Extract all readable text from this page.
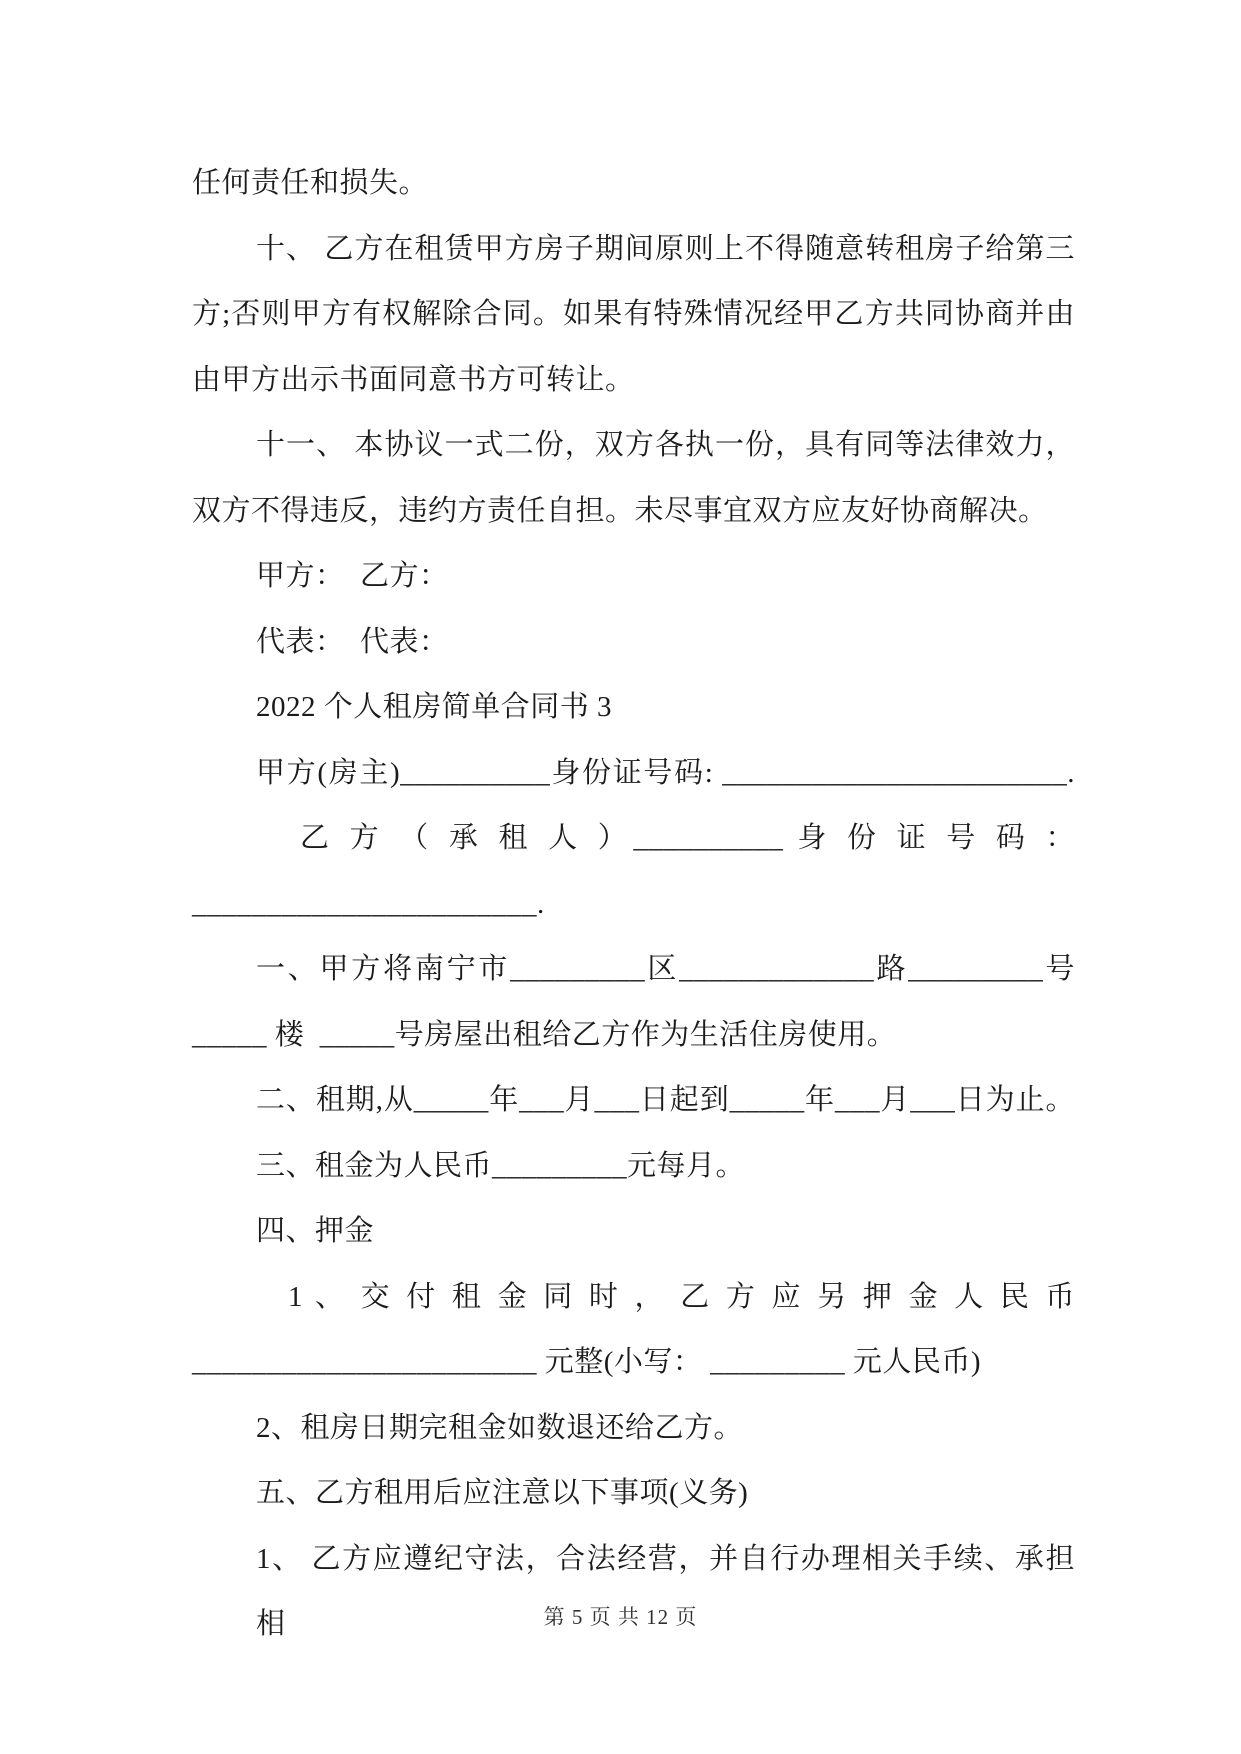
任何责任和损失。
十、 乙方在租赁甲方房子期间原则上不得随意转租房子给第三
方;否则甲方有权解除合同。如果有特殊情况经甲乙方共同协商并由
由甲方出示书面同意书方可转让。
十一、 本协议一式二份，双方各执一份，具有同等法律效力，
双方不得违反，违约方责任自担。未尽事宜双方应友好协商解决。
甲方：  乙方：
代表：  代表：
2022 个人租房简单合同书 3
甲方(房主)__________身份证号码: _______________________.
乙 方 （ 承 租 人 ）__________ 身 份 证 号 码 ：
_______________________.
一、甲方将南宁市_________区_____________路_________号
_____ 楼  _____号房屋出租给乙方作为生活住房使用。
二、租期,从_____年___月___日起到_____年___月___日为止。
三、租金为人民币_________元每月。
四、押金
1 、 交 付 租 金 同 时 ， 乙 方 应 另 押 金 人 民 币
_______________________ 元整(小写： _________ 元人民币)
2、租房日期完租金如数退还给乙方。
五、乙方租用后应注意以下事项(义务)
1、 乙方应遵纪守法，合法经营，并自行办理相关手续、承担相	第 5 页 共 12 页
